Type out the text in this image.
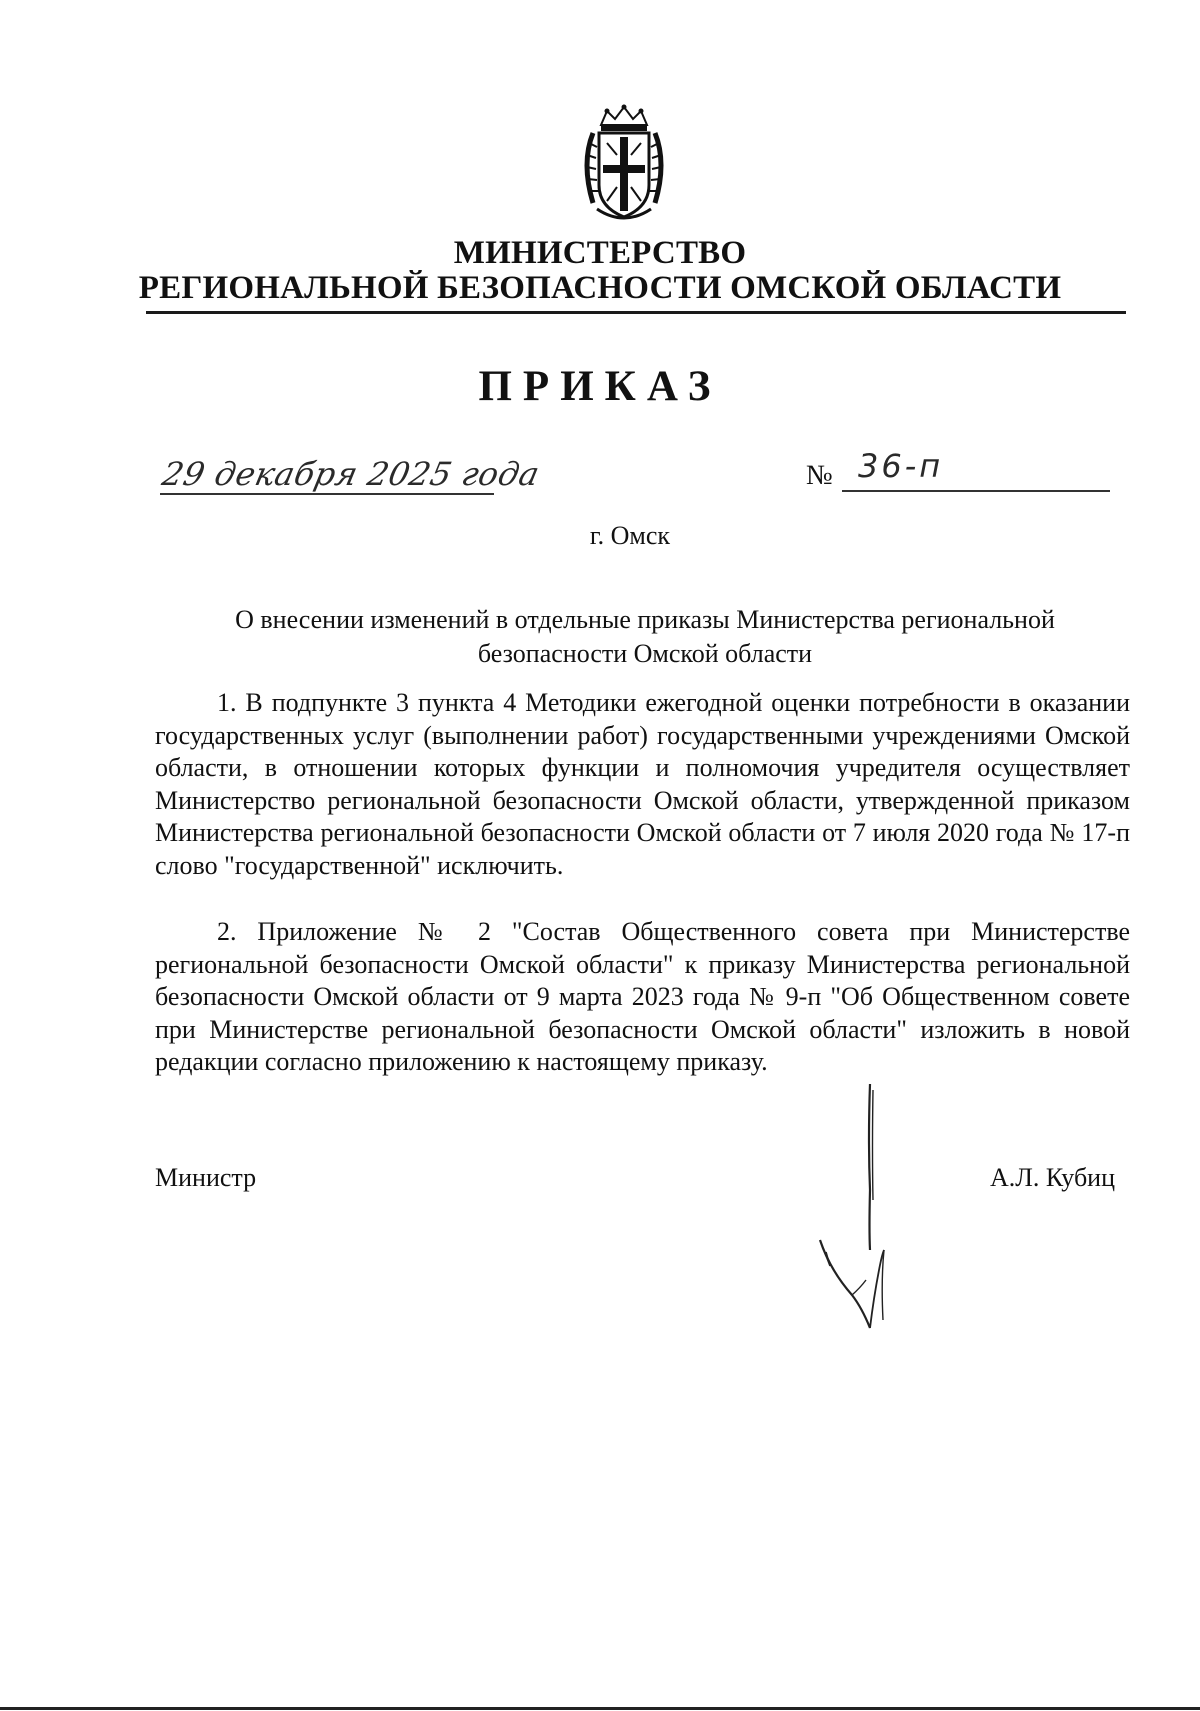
МИНИСТЕРСТВО
РЕГИОНАЛЬНОЙ БЕЗОПАСНОСТИ ОМСКОЙ ОБЛАСТИ
ПРИКАЗ
29 декабря 2025 года	№ 36-п
г. Омск
О внесении изменений в отдельные приказы Министерства региональной
безопасности Омской области
1. В подпункте 3 пункта 4 Методики ежегодной оценки потребности в оказании государственных услуг (выполнении работ) государственными учреждениями Омской области, в отношении которых функции и полномочия учредителя осуществляет Министерство региональной безопасности Омской области, утвержденной приказом Министерства региональной безопасности Омской области от 7 июля 2020 года № 17-п слово "государственной" исключить.
2. Приложение № 2 "Состав Общественного совета при Министерстве региональной безопасности Омской области" к приказу Министерства региональной безопасности Омской области от 9 марта 2023 года № 9-п "Об Общественном совете при Министерстве региональной безопасности Омской области" изложить в новой редакции согласно приложению к настоящему приказу.
Министр	А.Л. Кубиц
